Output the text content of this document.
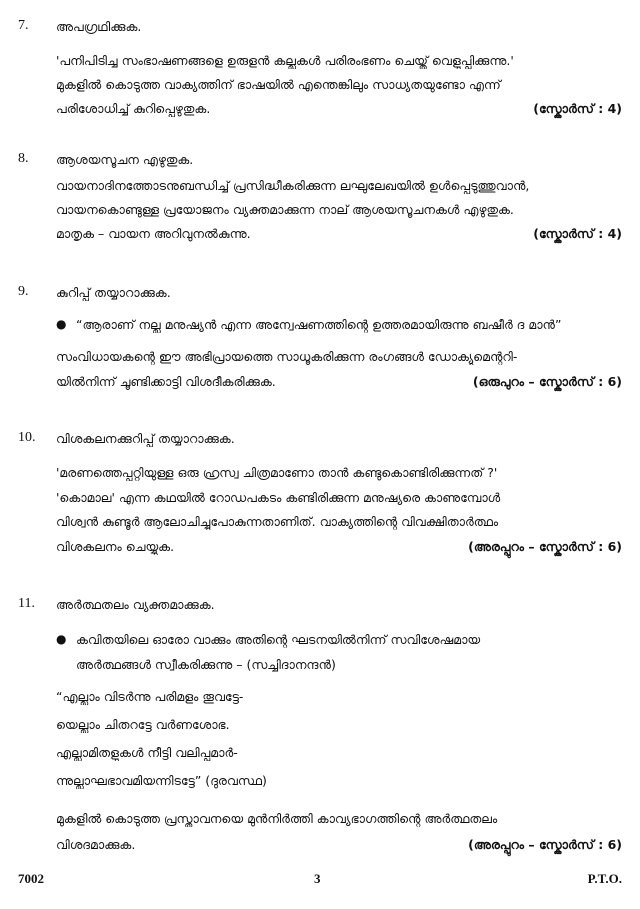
7. അപഗ്രഥിക്കുക.
'പനിപിടിച്ച സംഭാഷണങ്ങളെ ഉരുളൻ കല്ലുകൾ പരിരംഭണം ചെയ്ത് വെളുപ്പിക്കുന്നു.'
മുകളിൽ കൊടുത്ത വാക്യത്തിന് ഭാഷയിൽ എന്തെങ്കിലും സാധ്യതയുണ്ടോ എന്ന്
പരിശോധിച്ച് കുറിപ്പെഴുതുക.	(സ്കോർസ് : 4)
8. ആശയസൂചന എഴുതുക.
വായനാദിനത്തോടനുബന്ധിച്ച് പ്രസിദ്ധീകരിക്കുന്ന ലഘുലേഖയിൽ ഉൾപ്പെടുത്തുവാൻ,
വായനകൊണ്ടുള്ള പ്രയോജനം വ്യക്തമാക്കുന്ന നാല് ആശയസൂചനകൾ എഴുതുക.
മാതൃക – വായന അറിവുനൽകുന്നു.	(സ്കോർസ് : 4)
9. കുറിപ്പ് തയ്യാറാക്കുക.
● “ആരാണ് നല്ല മനുഷ്യൻ എന്ന അന്വേഷണത്തിന്റെ ഉത്തരമായിരുന്നു ബഷീർ ദ മാൻ”
സംവിധായകന്റെ ഈ അഭിപ്രായത്തെ സാധൂകരിക്കുന്ന രംഗങ്ങൾ ഡോക്യുമെന്ററി-
യിൽനിന്ന് ചൂണ്ടിക്കാട്ടി വിശദീകരിക്കുക.	(ഒരുപുറം – സ്കോർസ് : 6)
10. വിശകലനക്കുറിപ്പ് തയ്യാറാക്കുക.
'മരണത്തെപ്പറ്റിയുള്ള ഒരു ഹ്രസ്വ ചിത്രമാണോ താൻ കണ്ടുകൊണ്ടിരിക്കുന്നത് ?'
'കൊമാല' എന്ന കഥയിൽ റോഡപകടം കണ്ടിരിക്കുന്ന മനുഷ്യരെ കാണുമ്പോൾ
വിശ്വൻ കുണ്ടൂർ ആലോചിച്ചുപോകുന്നതാണിത്. വാക്യത്തിന്റെ വിവക്ഷിതാർത്ഥം
വിശകലനം ചെയ്യുക.	(അരപ്പുറം – സ്കോർസ് : 6)
11. അർത്ഥതലം വ്യക്തമാക്കുക.
● കവിതയിലെ ഓരോ വാക്കും അതിന്റെ ഘടനയിൽനിന്ന് സവിശേഷമായ
അർത്ഥങ്ങൾ സ്വീകരിക്കുന്നു – (സച്ചിദാനന്ദൻ)
“എല്ലാം വിടർന്നു പരിമളം തൂവട്ടേ-
യെല്ലാം ചിതറട്ടേ വർണശോഭ.
എല്ലാമിതളുകൾ നീട്ടി വലിപ്പമാർ-
ന്നുല്ലാഘഭാവമിയന്നിടട്ടേ” (ദുരവസ്ഥ)
മുകളിൽ കൊടുത്ത പ്രസ്താവനയെ മുൻനിർത്തി കാവ്യഭാഗത്തിന്റെ അർത്ഥതലം
വിശദമാക്കുക.	(അരപ്പുറം – സ്കോർസ് : 6)
7002	3	P.T.O.
